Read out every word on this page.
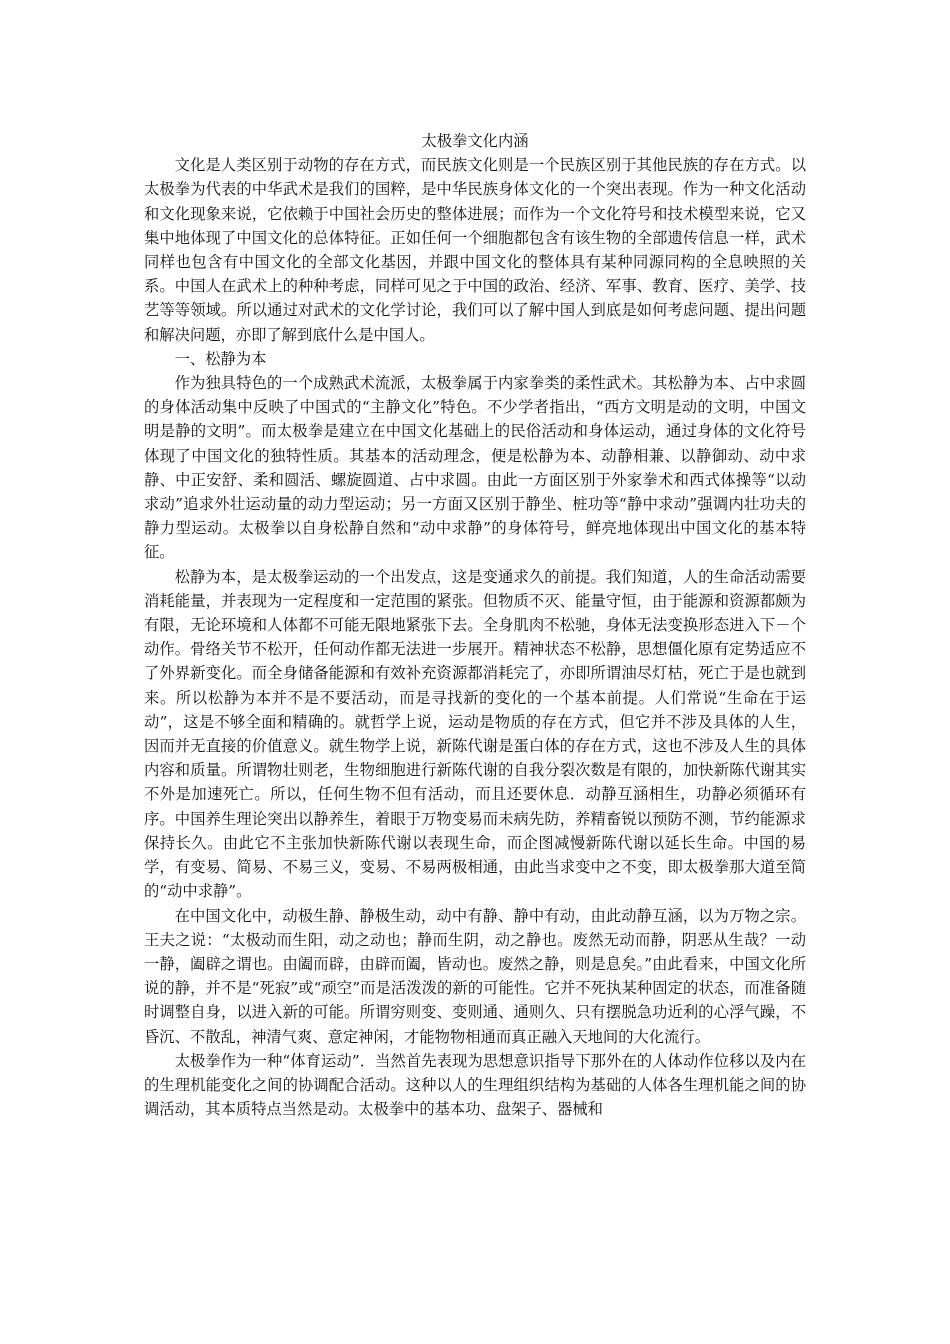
太极拳文化内涵

文化是人类区别于动物的存在方式，而民族文化则是一个民族区别于其他民族的存在方式。以太极拳为代表的中华武术是我们的国粹，是中华民族身体文化的一个突出表现。作为一种文化活动和文化现象来说，它依赖于中国社会历史的整体进展；而作为一个文化符号和技术模型来说，它又集中地体现了中国文化的总体特征。正如任何一个细胞都包含有该生物的全部遗传信息一样，武术同样也包含有中国文化的全部文化基因，并跟中国文化的整体具有某种同源同构的全息映照的关系。中国人在武术上的种种考虑，同样可见之于中国的政治、经济、军事、教育、医疗、美学、技艺等等领域。所以通过对武术的文化学讨论，我们可以了解中国人到底是如何考虑问题、提出问题和解决问题，亦即了解到底什么是中国人。

一、松静为本

作为独具特色的一个成熟武术流派，太极拳属于内家拳类的柔性武术。其松静为本、占中求圆的身体活动集中反映了中国式的“主静文化”特色。不少学者指出，“西方文明是动的文明，中国文明是静的文明”。而太极拳是建立在中国文化基础上的民俗活动和身体运动，通过身体的文化符号体现了中国文化的独特性质。其基本的活动理念，便是松静为本、动静相兼、以静御动、动中求静、中正安舒、柔和圆活、螺旋圆道、占中求圆。由此一方面区别于外家拳术和西式体操等“以动求动”追求外壮运动量的动力型运动；另一方面又区别于静坐、桩功等“静中求动”强调内壮功夫的静力型运动。太极拳以自身松静自然和“动中求静”的身体符号，鲜亮地体现出中国文化的基本特征。

松静为本，是太极拳运动的一个出发点，这是变通求久的前提。我们知道，人的生命活动需要消耗能量，并表现为一定程度和一定范围的紧张。但物质不灭、能量守恒，由于能源和资源都颇为有限，无论环境和人体都不可能无限地紧张下去。全身肌肉不松驰，身体无法变换形态进入下－个动作。骨络关节不松开，任何动作都无法进一步展开。精神状态不松静，思想僵化原有定势适应不了外界新变化。而全身储备能源和有效补充资源都消耗完了，亦即所谓油尽灯枯，死亡于是也就到来。所以松静为本并不是不要活动，而是寻找新的变化的一个基本前提。人们常说“生命在于运动”，这是不够全面和精确的。就哲学上说，运动是物质的存在方式，但它并不涉及具体的人生，因而并无直接的价值意义。就生物学上说，新陈代谢是蛋白体的存在方式，这也不涉及人生的具体内容和质量。所谓物壮则老，生物细胞进行新陈代谢的自我分裂次数是有限的，加快新陈代谢其实不外是加速死亡。所以，任何生物不但有活动，而且还要休息．动静互涵相生，功静必须循环有序。中国养生理论突出以静养生，着眼于万物变易而未病先防，养精畜锐以预防不测，节约能源求保持长久。由此它不主张加快新陈代谢以表现生命，而企图减慢新陈代谢以延长生命。中国的易学，有变易、简易、不易三义，变易、不易两极相通，由此当求变中之不变，即太极拳那大道至简的“动中求静”。

在中国文化中，动极生静、静极生动，动中有静、静中有动，由此动静互涵，以为万物之宗。王夫之说：“太极动而生阳，动之动也；静而生阴，动之静也。废然无动而静，阴恶从生哉？一动一静，阖辟之谓也。由阖而辟，由辟而阖，皆动也。废然之静，则是息矣。”由此看来，中国文化所说的静，并不是“死寂”或“顽空”而是活泼泼的新的可能性。它并不死执某种固定的状态，而准备随时调整自身，以进入新的可能。所谓穷则变、变则通、通则久、只有摆脱急功近利的心浮气躁，不昏沉、不散乱，神清气爽、意定神闲，才能物物相通而真正融入天地间的大化流行。

太极拳作为一种“体育运动”．当然首先表现为思想意识指导下那外在的人体动作位移以及内在的生理机能变化之间的协调配合活动。这种以人的生理组织结构为基础的人体各生理机能之间的协调活动，其本质特点当然是动。太极拳中的基本功、盘架子、器械和
